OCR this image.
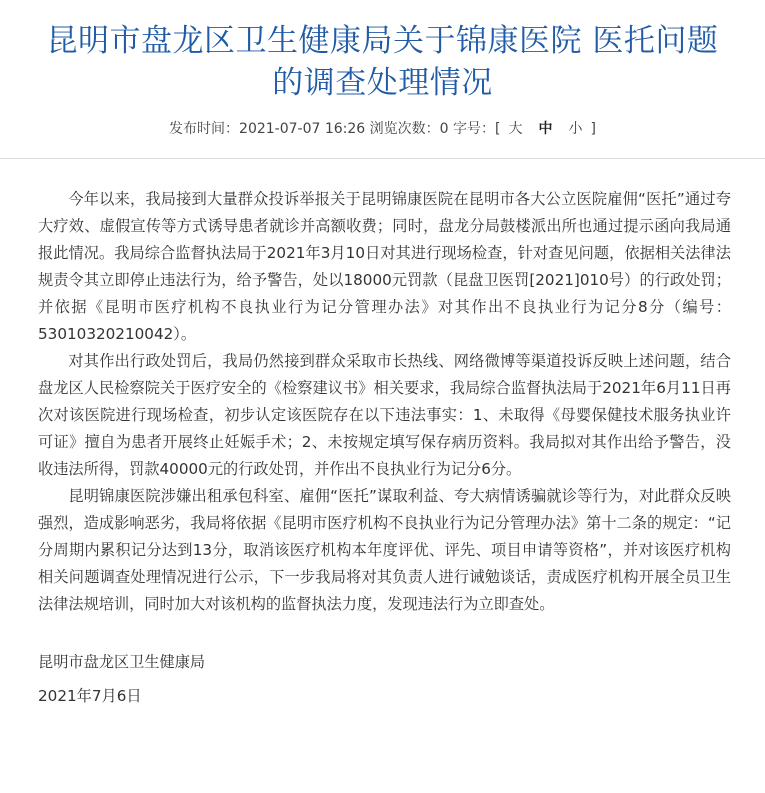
昆明市盘龙区卫生健康局关于锦康医院 医托问题
的调查处理情况
发布时间：2021-07-07 16:26 浏览次数：0 字号：[ 大 中 小 ]

今年以来，我局接到大量群众投诉举报关于昆明锦康医院在昆明市各大公立医院雇佣“医托”通过夸大疗效、虚假宣传等方式诱导患者就诊并高额收费；同时，盘龙分局鼓楼派出所也通过提示函向我局通报此情况。我局综合监督执法局于2021年3月10日对其进行现场检查，针对查见问题，依据相关法律法规责令其立即停止违法行为，给予警告，处以18000元罚款（昆盘卫医罚[2021]010号）的行政处罚；并依据《昆明市医疗机构不良执业行为记分管理办法》对其作出不良执业行为记分8分（编号：53010320210042）。

对其作出行政处罚后，我局仍然接到群众采取市长热线、网络微博等渠道投诉反映上述问题，结合盘龙区人民检察院关于医疗安全的《检察建议书》相关要求，我局综合监督执法局于2021年6月11日再次对该医院进行现场检查，初步认定该医院存在以下违法事实：1、未取得《母婴保健技术服务执业许可证》擅自为患者开展终止妊娠手术；2、未按规定填写保存病历资料。我局拟对其作出给予警告，没收违法所得，罚款40000元的行政处罚，并作出不良执业行为记分6分。

昆明锦康医院涉嫌出租承包科室、雇佣“医托”谋取利益、夸大病情诱骗就诊等行为，对此群众反映强烈，造成影响恶劣，我局将依据《昆明市医疗机构不良执业行为记分管理办法》第十二条的规定：“记分周期内累积记分达到13分，取消该医疗机构本年度评优、评先、项目申请等资格”，并对该医疗机构相关问题调查处理情况进行公示，下一步我局将对其负责人进行诫勉谈话，责成医疗机构开展全员卫生法律法规培训，同时加大对该机构的监督执法力度，发现违法行为立即查处。

昆明市盘龙区卫生健康局
2021年7月6日
